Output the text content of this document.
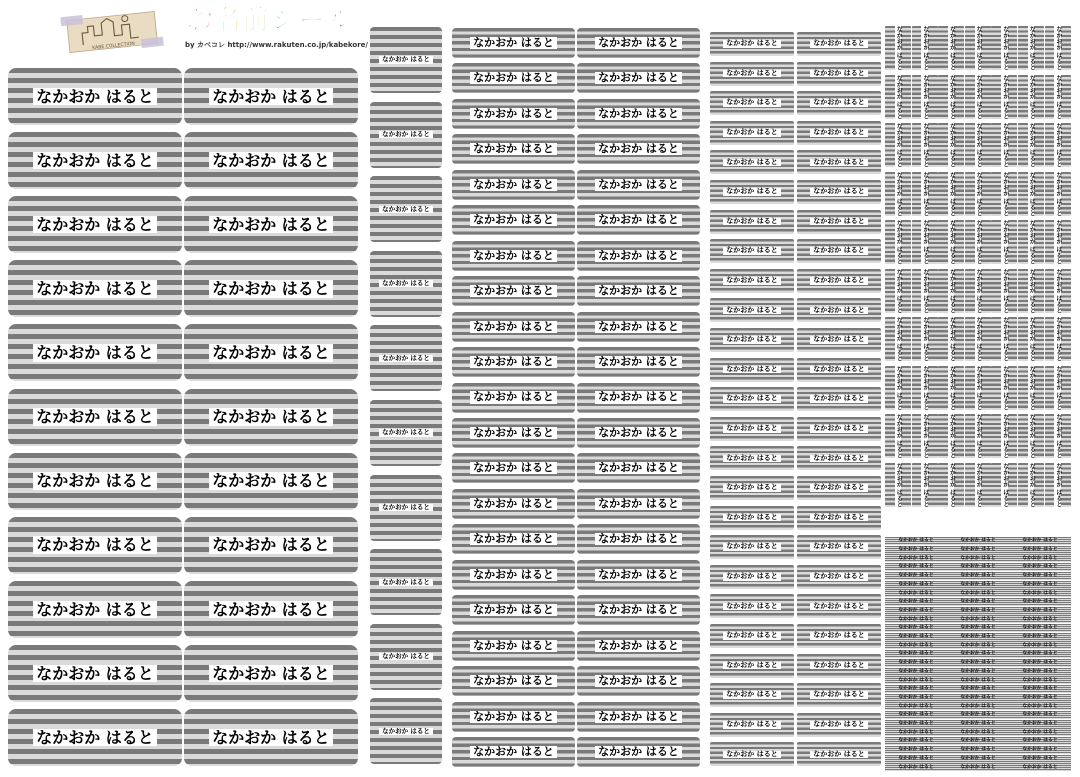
KABE COLLECTION
お名前シール
by カベコレ http://www.rakuten.co.jp/kabekore/
なかおか はると	なかおか はると
なかおか はると	なかおか はると
なかおか はると	なかおか はると
なかおか はると	なかおか はると
なかおか はると	なかおか はると
なかおか はると	なかおか はると
なかおか はると	なかおか はると
なかおか はると	なかおか はると
なかおか はると	なかおか はると
なかおか はると	なかおか はると
なかおか はると	なかおか はると
なかおか はると
なかおか はると
なかおか はると
なかおか はると
なかおか はると
なかおか はると
なかおか はると
なかおか はると
なかおか はると
なかおか はると
なかおか はると	なかおか はると
なかおか はると	なかおか はると
なかおか はると	なかおか はると
なかおか はると	なかおか はると
なかおか はると	なかおか はると
なかおか はると	なかおか はると
なかおか はると	なかおか はると
なかおか はると	なかおか はると
なかおか はると	なかおか はると
なかおか はると	なかおか はると
なかおか はると	なかおか はると
なかおか はると	なかおか はると
なかおか はると	なかおか はると
なかおか はると	なかおか はると
なかおか はると	なかおか はると
なかおか はると	なかおか はると
なかおか はると	なかおか はると
なかおか はると	なかおか はると
なかおか はると	なかおか はると
なかおか はると	なかおか はると
なかおか はると	なかおか はると
なかおか はると	なかおか はると
なかおか はると	なかおか はると
なかおか はると	なかおか はると
なかおか はると	なかおか はると
なかおか はると	なかおか はると
なかおか はると	なかおか はると
なかおか はると	なかおか はると
なかおか はると	なかおか はると
なかおか はると	なかおか はると
なかおか はると	なかおか はると
なかおか はると	なかおか はると
なかおか はると	なかおか はると
なかおか はると	なかおか はると
なかおか はると	なかおか はると
なかおか はると	なかおか はると
なかおか はると	なかおか はると
なかおか はると	なかおか はると
なかおか はると	なかおか はると
なかおか はると	なかおか はると
なかおか はると	なかおか はると
なかおか はると	なかおか はると
なかおか はると	なかおか はると
なかおか はると	なかおか はると
なかおか はると	なかおか はると
なかおか はると	なかおか はると
なかおか はると	なかおか はると	なかおか はると	なかおか はると	なかおか はると	なかおか はると	なかおか はると
なかおか はると	なかおか はると	なかおか はると	なかおか はると	なかおか はると	なかおか はると	なかおか はると
なかおか はると	なかおか はると	なかおか はると	なかおか はると	なかおか はると	なかおか はると	なかおか はると
なかおか はると	なかおか はると	なかおか はると	なかおか はると	なかおか はると	なかおか はると	なかおか はると
なかおか はると	なかおか はると	なかおか はると	なかおか はると	なかおか はると	なかおか はると	なかおか はると
なかおか はると	なかおか はると	なかおか はると	なかおか はると	なかおか はると	なかおか はると	なかおか はると
なかおか はると	なかおか はると	なかおか はると	なかおか はると	なかおか はると	なかおか はると	なかおか はると
なかおか はると	なかおか はると	なかおか はると	なかおか はると	なかおか はると	なかおか はると	なかおか はると
なかおか はると	なかおか はると	なかおか はると	なかおか はると	なかおか はると	なかおか はると	なかおか はると
なかおか はると	なかおか はると	なかおか はると	なかおか はると	なかおか はると	なかおか はると	なかおか はると
なかおか はると	なかおか はると	なかおか はると
なかおか はると	なかおか はると	なかおか はると
なかおか はると	なかおか はると	なかおか はると
なかおか はると	なかおか はると	なかおか はると
なかおか はると	なかおか はると	なかおか はると
なかおか はると	なかおか はると	なかおか はると
なかおか はると	なかおか はると	なかおか はると
なかおか はると	なかおか はると	なかおか はると
なかおか はると	なかおか はると	なかおか はると
なかおか はると	なかおか はると	なかおか はると
なかおか はると	なかおか はると	なかおか はると
なかおか はると	なかおか はると	なかおか はると
なかおか はると	なかおか はると	なかおか はると
なかおか はると	なかおか はると	なかおか はると
なかおか はると	なかおか はると	なかおか はると
なかおか はると	なかおか はると	なかおか はると
なかおか はると	なかおか はると	なかおか はると
なかおか はると	なかおか はると	なかおか はると
なかおか はると	なかおか はると	なかおか はると
なかおか はると	なかおか はると	なかおか はると
なかおか はると	なかおか はると	なかおか はると
なかおか はると	なかおか はると	なかおか はると
なかおか はると	なかおか はると	なかおか はると
なかおか はると	なかおか はると	なかおか はると
なかおか はると	なかおか はると	なかおか はると
なかおか はると	なかおか はると	なかおか はると
なかおか はると	なかおか はると	なかおか はると
